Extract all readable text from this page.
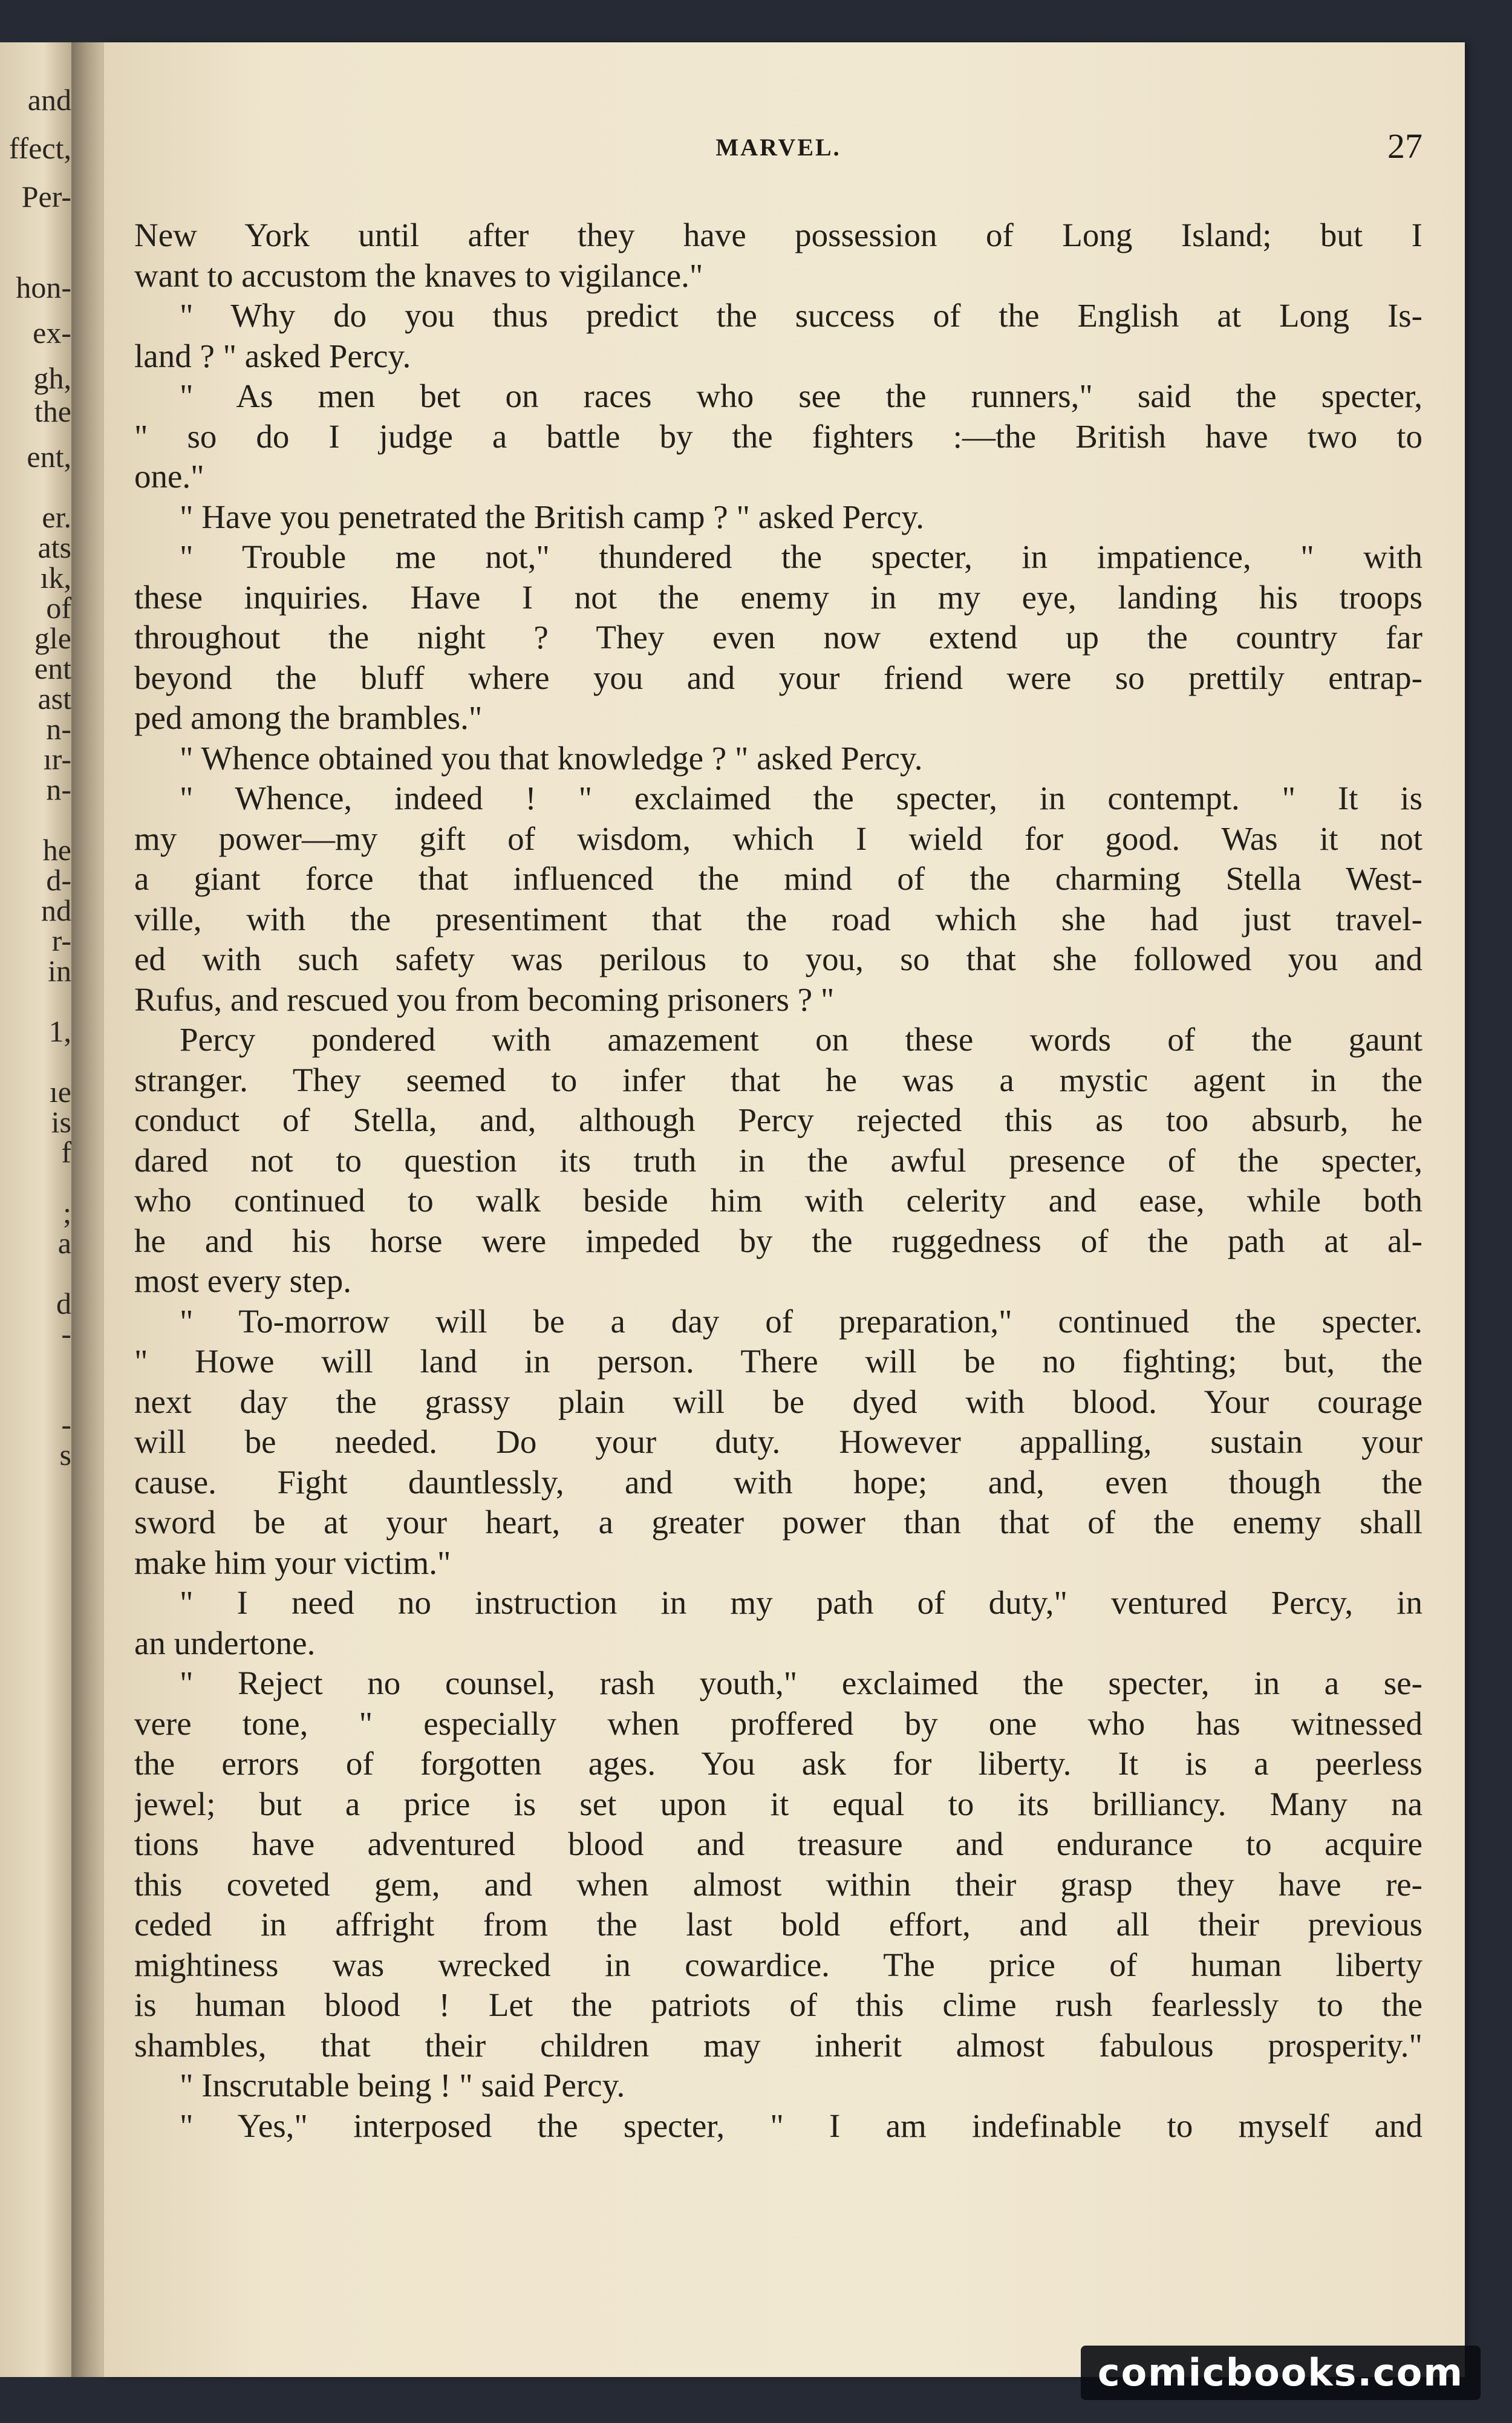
and
ffect,
Per-
hon-
ex-
gh,
the
ent,
er.
ats
ık,
of
gle
ent
ast
n-
ır-
n-
he
d-
nd
r-
in
1,
ıe
is
f
;
a
d
-
-
s
MARVEL.	27
New York until after they have possession of Long Island; but I
want to accustom the knaves to vigilance."
" Why do you thus predict the success of the English at Long Is-
land ? " asked Percy.
" As men bet on races who see the runners," said the specter,
" so do I judge a battle by the fighters :—the British have two to
one."
" Have you penetrated the British camp ? " asked Percy.
" Trouble me not," thundered the specter, in impatience, " with
these inquiries. Have I not the enemy in my eye, landing his troops
throughout the night ? They even now extend up the country far
beyond the bluff where you and your friend were so prettily entrap-
ped among the brambles."
" Whence obtained you that knowledge ? " asked Percy.
" Whence, indeed ! " exclaimed the specter, in contempt. " It is
my power—my gift of wisdom, which I wield for good. Was it not
a giant force that influenced the mind of the charming Stella West-
ville, with the presentiment that the road which she had just travel-
ed with such safety was perilous to you, so that she followed you and
Rufus, and rescued you from becoming prisoners ? "
Percy pondered with amazement on these words of the gaunt
stranger. They seemed to infer that he was a mystic agent in the
conduct of Stella, and, although Percy rejected this as too absurb, he
dared not to question its truth in the awful presence of the specter,
who continued to walk beside him with celerity and ease, while both
he and his horse were impeded by the ruggedness of the path at al-
most every step.
" To-morrow will be a day of preparation," continued the specter.
" Howe will land in person. There will be no fighting; but, the
next day the grassy plain will be dyed with blood. Your courage
will be needed. Do your duty. However appalling, sustain your
cause. Fight dauntlessly, and with hope; and, even though the
sword be at your heart, a greater power than that of the enemy shall
make him your victim."
" I need no instruction in my path of duty," ventured Percy, in
an undertone.
" Reject no counsel, rash youth," exclaimed the specter, in a se-
vere tone, " especially when proffered by one who has witnessed
the errors of forgotten ages. You ask for liberty. It is a peerless
jewel; but a price is set upon it equal to its brilliancy. Many na
tions have adventured blood and treasure and endurance to acquire
this coveted gem, and when almost within their grasp they have re-
ceded in affright from the last bold effort, and all their previous
mightiness was wrecked in cowardice. The price of human liberty
is human blood ! Let the patriots of this clime rush fearlessly to the
shambles, that their children may inherit almost fabulous prosperity."
" Inscrutable being ! " said Percy.
" Yes," interposed the specter, " I am indefinable to myself and
comicbooks.com
